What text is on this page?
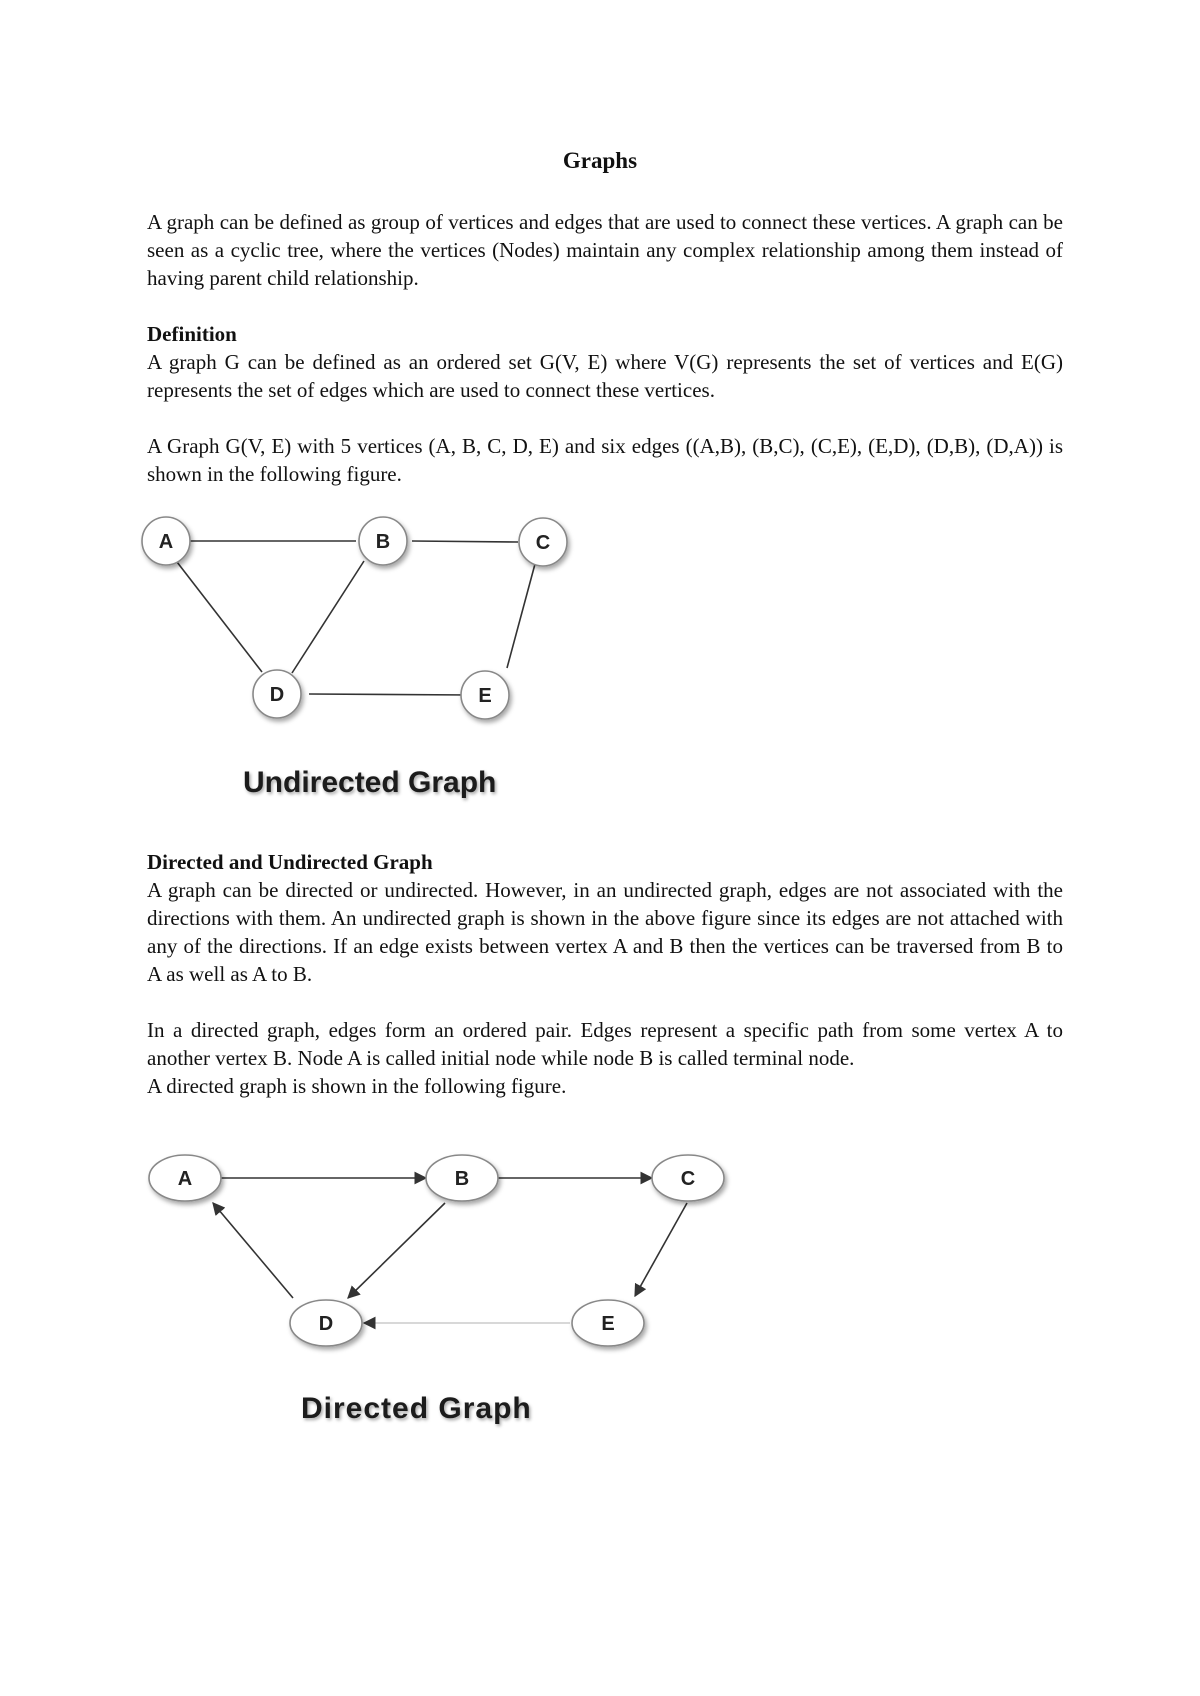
Graphs

A graph can be defined as group of vertices and edges that are used to connect these vertices. A graph can be seen as a cyclic tree, where the vertices (Nodes) maintain any complex relationship among them instead of having parent child relationship.

Definition

A graph G can be defined as an ordered set G(V, E) where V(G) represents the set of vertices and E(G) represents the set of edges which are used to connect these vertices.

A Graph G(V, E) with 5 vertices (A, B, C, D, E) and six edges ((A,B), (B,C), (C,E), (E,D), (D,B), (D,A)) is shown in the following figure.

A	B	C
D	E
Undirected Graph
Directed and Undirected Graph

A graph can be directed or undirected. However, in an undirected graph, edges are not associated with the directions with them. An undirected graph is shown in the above figure since its edges are not attached with any of the directions. If an edge exists between vertex A and B then the vertices can be traversed from B to A as well as A to B.

In a directed graph, edges form an ordered pair. Edges represent a specific path from some vertex A to another vertex B. Node A is called initial node while node B is called terminal node.

A directed graph is shown in the following figure.

A	B	C
D	E
Directed Graph
